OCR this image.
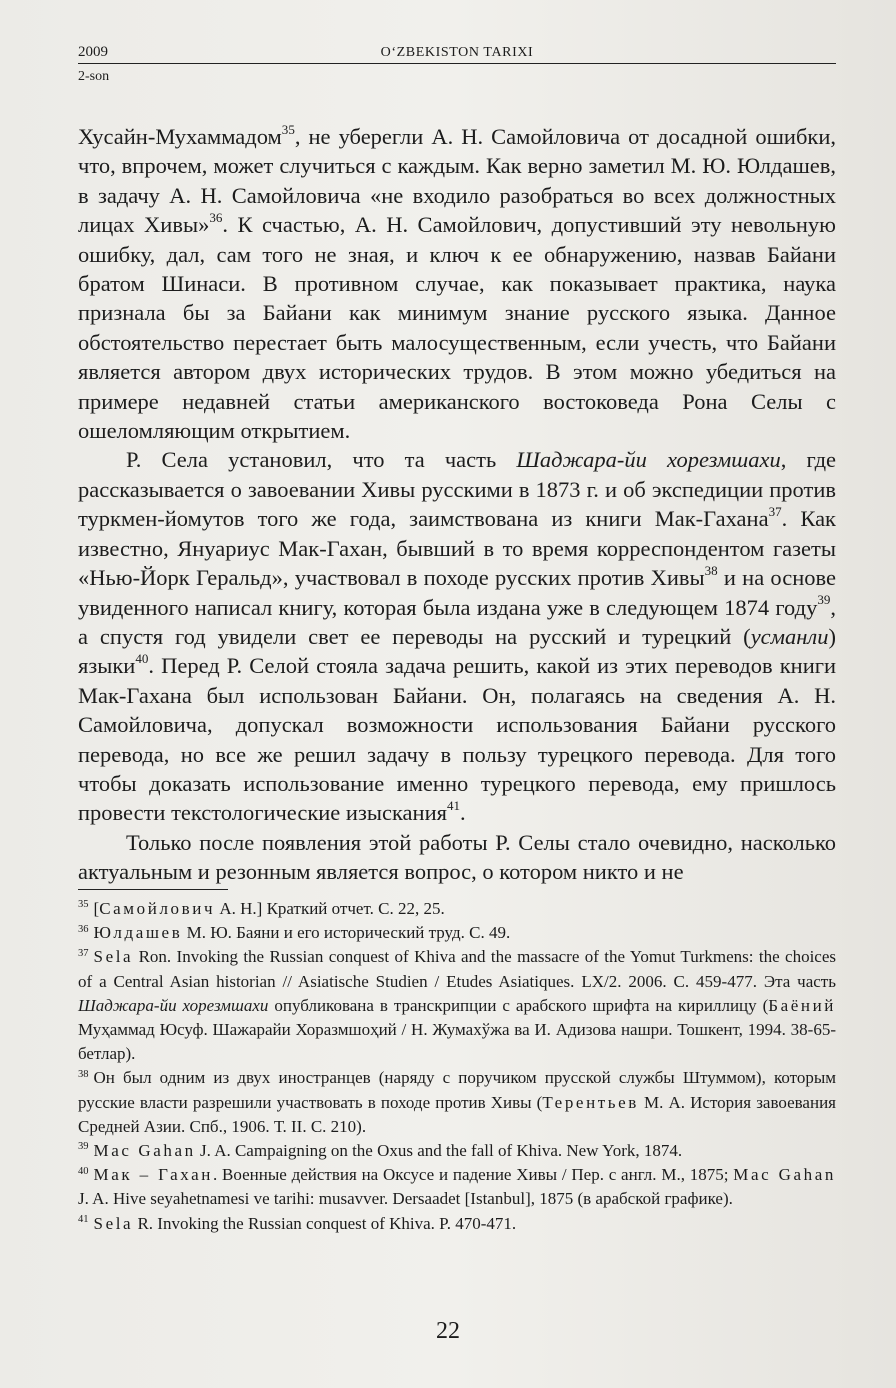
2009	O‘ZBEKISTON TARIXI
2-son

Хусайн-Мухаммадом$^{35}$, не уберегли А. Н. Самойловича от досадной ошибки, что, впрочем, может случиться с каждым. Как верно заметил М. Ю. Юлдашев, в задачу А. Н. Самойловича «не входило разобраться во всех должностных лицах Хивы»$^{36}$. К счастью, А. Н. Самойлович, допустивший эту невольную ошибку, дал, сам того не зная, и ключ к ее обнаружению, назвав Байани братом Шинаси. В противном случае, как показывает практика, наука признала бы за Байани как минимум знание русского языка. Данное обстоятельство перестает быть малосущественным, если учесть, что Байани является автором двух исторических трудов. В этом можно убедиться на примере недавней статьи американского востоковеда Рона Селы с ошеломляющим открытием.

Р. Села установил, что та часть Шаджара-йи хорезмшахи, где рассказывается о завоевании Хивы русскими в 1873 г. и об экспедиции против туркмен-йомутов того же года, заимствована из книги Мак-Гахана$^{37}$. Как известно, Януариус Мак-Гахан, бывший в то время корреспондентом газеты «Нью-Йорк Геральд», участвовал в походе русских против Хивы$^{38}$ и на основе увиденного написал книгу, которая была издана уже в следующем 1874 году$^{39}$, а спустя год увидели свет ее переводы на русский и турецкий (усманли) языки$^{40}$. Перед Р. Селой стояла задача решить, какой из этих переводов книги Мак-Гахана был использован Байани. Он, полагаясь на сведения А. Н. Самойловича, допускал возможности использования Байани русского перевода, но все же решил задачу в пользу турецкого перевода. Для того чтобы доказать использование именно турецкого перевода, ему пришлось провести текстологические изыскания$^{41}$.

Только после появления этой работы Р. Селы стало очевидно, насколько актуальным и резонным является вопрос, о котором никто и не

$^{35}$ [Самойлович А. Н.] Краткий отчет. С. 22, 25.

$^{36}$ Юлдашев М. Ю. Баяни и его исторический труд. С. 49.

$^{37}$ Sela Ron. Invoking the Russian conquest of Khiva and the massacre of the Yomut Turkmens: the choices of a Central Asian historian // Asiatische Studien / Etudes Asiatiques. LX/2. 2006. С. 459-477. Эта часть Шаджара-йи хорезмшахи опубликована в транскрипции с арабского шрифта на кириллицу (Баёний Муҳаммад Юсуф. Шажарайи Хоразмшоҳий / Н. Жумахўжа ва И. Адизова нашри. Тошкент, 1994. 38-65-бетлар).

$^{38}$ Он был одним из двух иностранцев (наряду с поручиком прусской службы Штуммом), которым русские власти разрешили участвовать в походе против Хивы (Терентьев М. А. История завоевания Средней Азии. Спб., 1906. Т. II. С. 210).

$^{39}$ Mac Gahan J. A. Campaigning on the Oxus and the fall of Khiva. New York, 1874.

$^{40}$ Мак – Гахан. Военные действия на Оксусе и падение Хивы / Пер. с англ. М., 1875; Mac Gahan J. A. Hive seyahetnamesi ve tarihi: musavver. Dersaadet [Istanbul], 1875 (в арабской графике).

$^{41}$ Sela R. Invoking the Russian conquest of Khiva. P. 470-471.

22
